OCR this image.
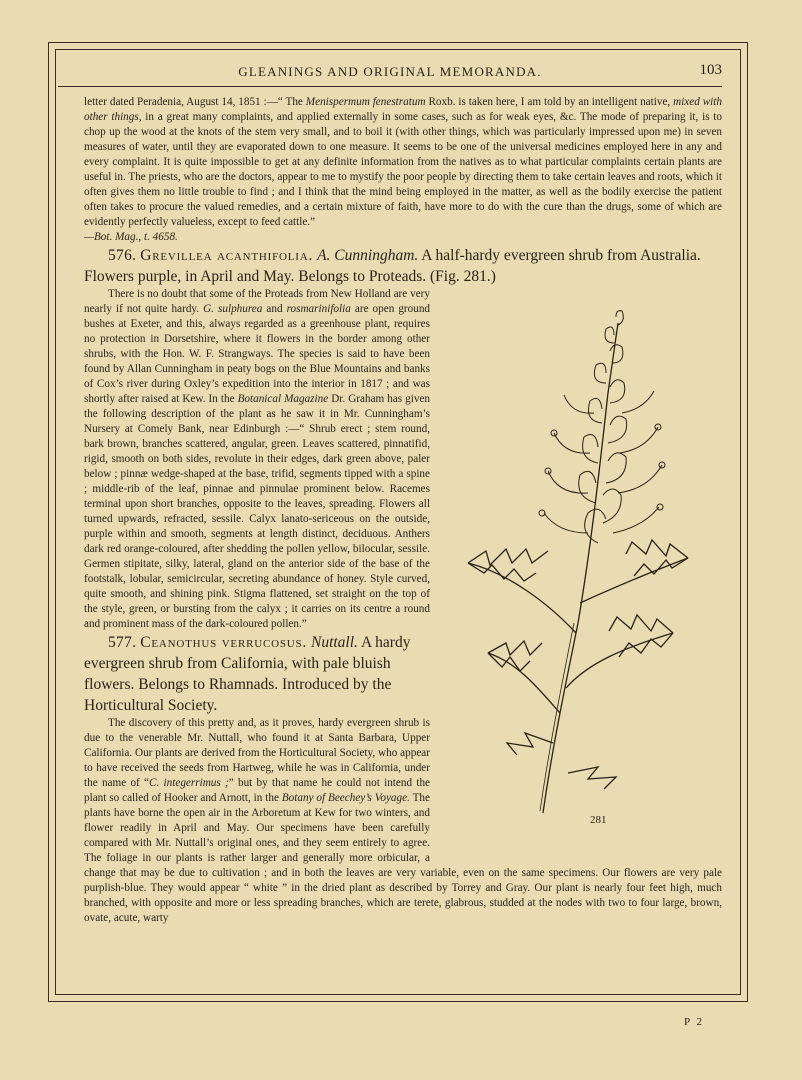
GLEANINGS AND ORIGINAL MEMORANDA.	103

letter dated Peradenia, August 14, 1851 :—“ The Menispermum fenestratum Roxb. is taken here, I am told by an intelligent native, mixed with other things, in a great many complaints, and applied externally in some cases, such as for weak eyes, &c. The mode of preparing it, is to chop up the wood at the knots of the stem very small, and to boil it (with other things, which was particularly impressed upon me) in seven measures of water, until they are evaporated down to one measure. It seems to be one of the universal medicines employed here in any and every complaint. It is quite impossible to get at any definite information from the natives as to what particular complaints certain plants are useful in. The priests, who are the doctors, appear to me to mystify the poor people by directing them to take certain leaves and roots, which it often gives them no little trouble to find ; and I think that the mind being employed in the matter, as well as the bodily exercise the patient often takes to procure the valued remedies, and a certain mixture of faith, have more to do with the cure than the drugs, some of which are evidently perfectly valueless, except to feed cattle.”

—Bot. Mag., t. 4658.

576. Grevillea acanthifolia. A. Cunningham. A half-hardy evergreen shrub from Australia. Flowers purple, in April and May. Belongs to Proteads. (Fig. 281.)

281

There is no doubt that some of the Proteads from New Holland are very nearly if not quite hardy. G. sulphurea and rosmarinifolia are open ground bushes at Exeter, and this, always regarded as a greenhouse plant, requires no protection in Dorsetshire, where it flowers in the border among other shrubs, with the Hon. W. F. Strangways. The species is said to have been found by Allan Cunningham in peaty bogs on the Blue Mountains and banks of Cox’s river during Oxley’s expedition into the interior in 1817 ; and was shortly after raised at Kew. In the Botanical Magazine Dr. Graham has given the following description of the plant as he saw it in Mr. Cunningham’s Nursery at Comely Bank, near Edinburgh :—“ Shrub erect ; stem round, bark brown, branches scattered, angular, green. Leaves scattered, pinnatifid, rigid, smooth on both sides, revolute in their edges, dark green above, paler below ; pinnæ wedge-shaped at the base, trifid, segments tipped with a spine ; middle-rib of the leaf, pinnae and pinnulae prominent below. Racemes terminal upon short branches, opposite to the leaves, spreading. Flowers all turned upwards, refracted, sessile. Calyx lanato-sericeous on the outside, purple within and smooth, segments at length distinct, deciduous. Anthers dark red orange-coloured, after shedding the pollen yellow, bilocular, sessile. Germen stipitate, silky, lateral, gland on the anterior side of the base of the footstalk, lobular, semicircular, secreting abundance of honey. Style curved, quite smooth, and shining pink. Stigma flattened, set straight on the top of the style, green, or bursting from the calyx ; it carries on its centre a round and prominent mass of the dark-coloured pollen.”

577. Ceanothus verrucosus. Nuttall. A hardy evergreen shrub from California, with pale bluish flowers. Belongs to Rhamnads. Introduced by the Horticultural Society.

The discovery of this pretty and, as it proves, hardy evergreen shrub is due to the venerable Mr. Nuttall, who found it at Santa Barbara, Upper California. Our plants are derived from the Horticultural Society, who appear to have received the seeds from Hartweg, while he was in California, under the name of “C. integerrimus ;” but by that name he could not intend the plant so called of Hooker and Arnott, in the Botany of Beechey’s Voyage. The plants have borne the open air in the Arboretum at Kew for two winters, and flower readily in April and May. Our specimens have been carefully compared with Mr. Nuttall’s original ones, and they seem entirely to agree. The foliage in our plants is rather larger and generally more orbicular, a change that may be due to cultivation ; and in both the leaves are very variable, even on the same specimens. Our flowers are very pale purplish-blue. They would appear “ white ” in the dried plant as described by Torrey and Gray. Our plant is nearly four feet high, much branched, with opposite and more or less spreading branches, which are terete, glabrous, studded at the nodes with two to four large, brown, ovate, acute, warty

P 2
